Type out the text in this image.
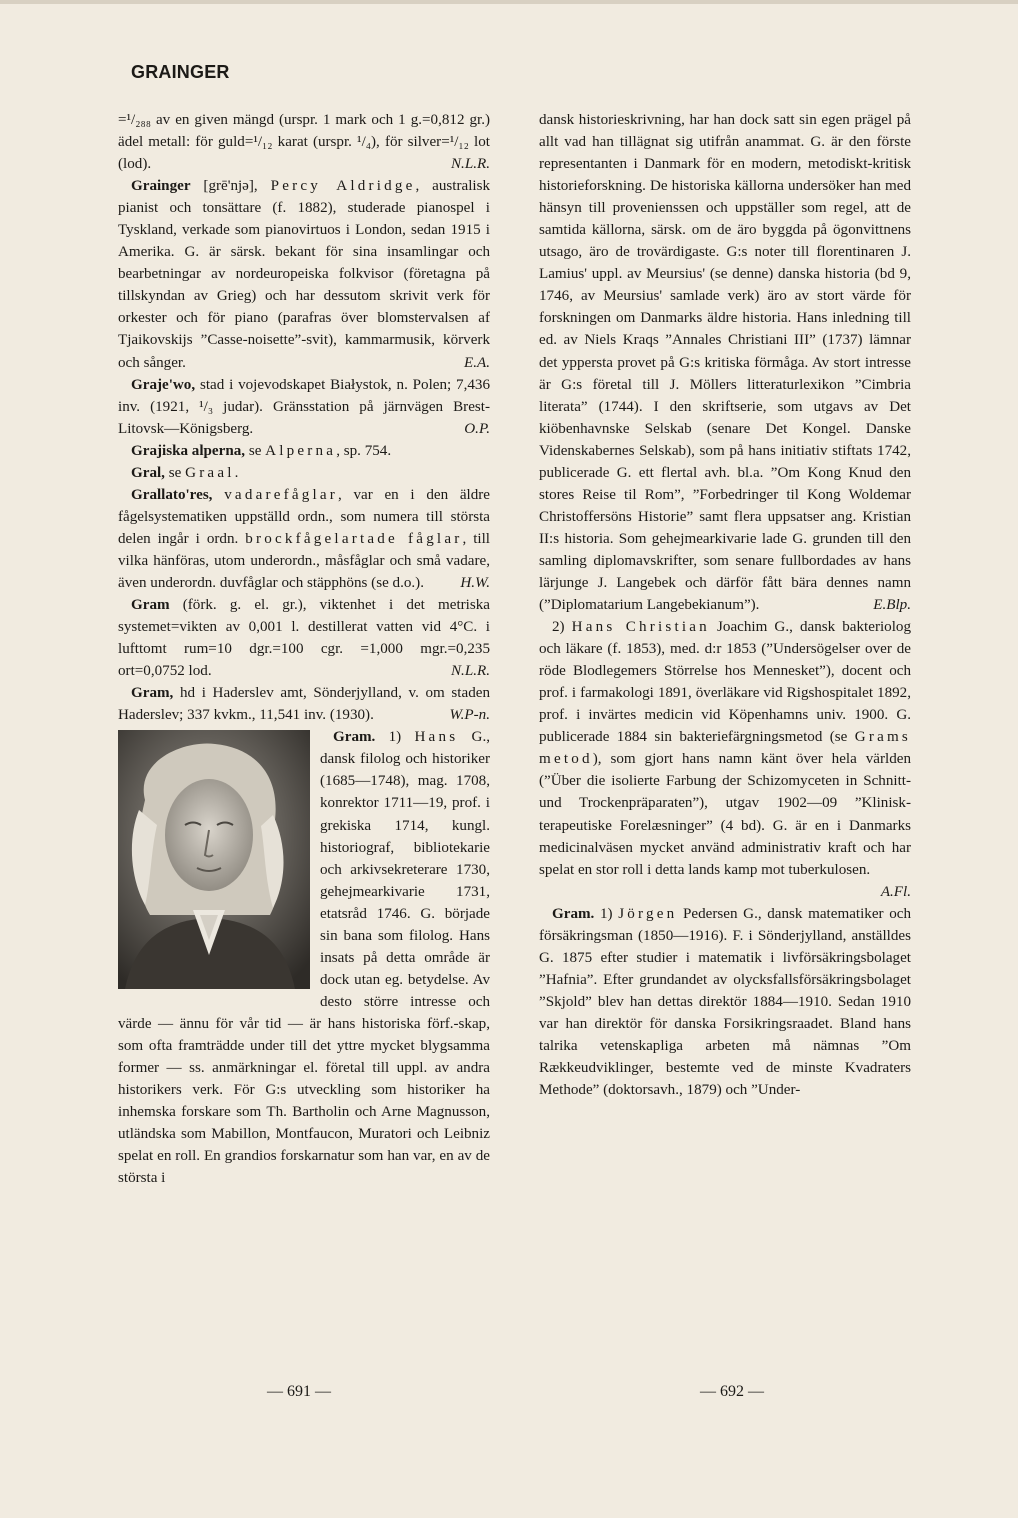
GRAINGER

=¹/₂₈₈ av en given mängd (urspr. 1 mark och 1 g.=0,812 gr.) ädel metall: för guld=¹/₁₂ karat (urspr. ¹/₄), för silver=¹/₁₂ lot (lod).	N.L.R.

Grainger [grē'njə], Percy Aldridge, australisk pianist och tonsättare (f. 1882), studerade pianospel i Tyskland, verkade som pianovirtuos i London, sedan 1915 i Amerika. G. är särsk. bekant för sina insamlingar och bearbetningar av nordeuropeiska folkvisor (företagna på tillskyndan av Grieg) och har dessutom skrivit verk för orkester och för piano (parafras över blomstervalsen af Tjaikovskijs ”Casse-noisette”-svit), kammarmusik, körverk och sånger.	E.A.

Graje'wo, stad i vojevodskapet Białystok, n. Polen; 7,436 inv. (1921, ¹/₃ judar). Gränsstation på järnvägen Brest-Litovsk—Königsberg.	O.P.

Grajiska alperna, se Alperna, sp. 754.

Gral, se Graal.

Grallato'res, vadarefåglar, var en i den äldre fågelsystematiken uppställd ordn., som numera till största delen ingår i ordn. brockfågelartade fåglar, till vilka hänföras, utom underordn., måsfåglar och små vadare, även underordn. duvfåglar och stäpphöns (se d.o.).	H.W.

Gram (förk. g. el. gr.), viktenhet i det metriska systemet=vikten av 0,001 l. destillerat vatten vid 4°C. i lufttomt rum=10 dgr.=100 cgr. =1,000 mgr.=0,235 ort=0,0752 lod.	N.L.R.

Gram, hd i Haderslev amt, Sönderjylland, v. om staden Haderslev; 337 kvkm., 11,541 inv. (1930).	W.P-n.

Gram. 1) Hans
G., dansk filolog och historiker (1685—1748), mag. 1708, konrektor 1711—19, prof. i grekiska 1714, kungl. historiograf, bibliotekarie och arkivsekreterare 1730, gehejmearkivarie 1731, etatsråd 1746. G. började sin bana som filolog. Hans insats på detta område är dock utan eg. betydelse. Av desto större intresse och värde — ännu för vår tid — är hans historiska förf.-skap, som ofta framträdde under till det yttre mycket blygsamma former — ss. anmärkningar el. företal till uppl. av andra historikers verk. För G:s utveckling som historiker ha inhemska forskare som Th. Bartholin och Arne Magnusson, utländska som Mabillon, Montfaucon, Muratori och Leibniz spelat en roll. En grandios forskarnatur som han var, en av de största i

dansk historieskrivning, har han dock satt sin egen prägel på allt vad han tillägnat sig utifrån anammat. G. är den förste representanten i Danmark för en modern, metodiskt-kritisk historieforskning. De historiska källorna undersöker han med hänsyn till provenienssen och uppställer som regel, att de samtida källorna, särsk. om de äro byggda på ögonvittnens utsago, äro de trovärdigaste. G:s noter till florentinaren J. Lamius' uppl. av Meursius' (se denne) danska historia (bd 9, 1746, av Meursius' samlade verk) äro av stort värde för forskningen om Danmarks äldre historia. Hans inledning till ed. av Niels Kraqs ”Annales Christiani III” (1737) lämnar det yppersta provet på G:s kritiska förmåga. Av stort intresse är G:s företal till J. Möllers litteraturlexikon ”Cimbria literata” (1744). I den skriftserie, som utgavs av Det kiöbenhavnske Selskab (senare Det Kongel. Danske Videnskabernes Selskab), som på hans initiativ stiftats 1742, publicerade G. ett flertal avh. bl.a. ”Om Kong Knud den stores Reise til Rom”, ”Forbedringer til Kong Woldemar Christoffersöns Historie” samt flera uppsatser ang. Kristian II:s historia. Som gehejmearkivarie lade G. grunden till den samling diplomavskrifter, som senare fullbordades av hans lärjunge J. Langebek och därför fått bära dennes namn (”Diplomatarium Langebekianum”).	E.Blp.

2) Hans Christian Joachim G., dansk bakteriolog och läkare (f. 1853), med. d:r 1853 (”Undersögelser over de röde Blodlegemers Störrelse hos Mennesket”), docent och prof. i farmakologi 1891, överläkare vid Rigshospitalet 1892, prof. i invärtes medicin vid Köpenhamns univ. 1900. G. publicerade 1884 sin bakteriefärgningsmetod (se Grams metod), som gjort hans namn känt över hela världen (”Über die isolierte Farbung der Schizomyceten in Schnitt- und Trockenpräparaten”), utgav 1902—09 ”Klinisk-terapeutiske Forelæsninger” (4 bd). G. är en i Danmarks medicinalväsen mycket använd administrativ kraft och har spelat en stor roll i detta lands kamp mot tuberkulosen.
A.Fl.

Gram. 1) Jörgen Pedersen G., dansk matematiker och försäkringsman (1850—1916). F. i Sönderjylland, anställdes G. 1875 efter studier i matematik i livförsäkringsbolaget ”Hafnia”. Efter grundandet av olycksfallsförsäkringsbolaget ”Skjold” blev han dettas direktör 1884—1910. Sedan 1910 var han direktör för danska Forsikringsraadet. Bland hans talrika vetenskapliga arbeten må nämnas ”Om Rækkeudviklinger, bestemte ved de minste Kvadraters Methode” (doktorsavh., 1879) och ”Under-

— 691 —	— 692 —
